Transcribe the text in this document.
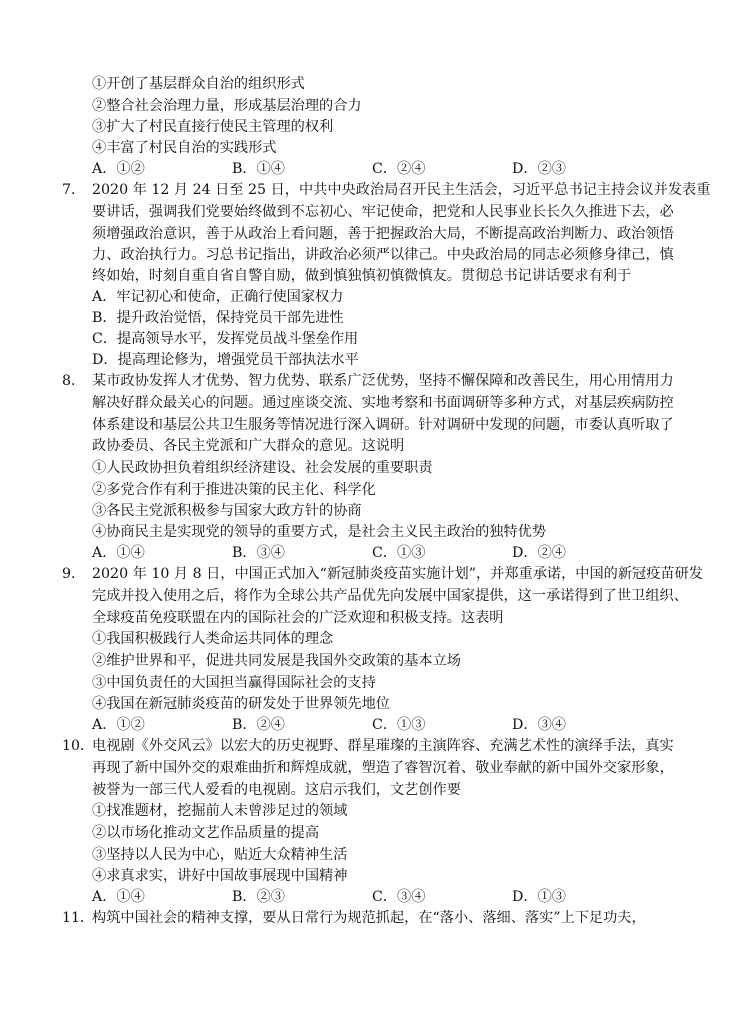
①开创了基层群众自治的组织形式
②整合社会治理力量，形成基层治理的合力
③扩大了村民直接行使民主管理的权利
④丰富了村民自治的实践形式
A．①②	B．①④	C．②④	D．②③
7． 2020 年 12 月 24 日至 25 日，中共中央政治局召开民主生活会，习近平总书记主持会议并发表重
要讲话，强调我们党要始终做到不忘初心、牢记使命，把党和人民事业长长久久推进下去，必
须增强政治意识，善于从政治上看问题，善于把握政治大局，不断提高政治判断力、政治领悟
力、政治执行力。习总书记指出，讲政治必须严以律己。中央政治局的同志必须修身律己，慎
终如始，时刻自重自省自警自励，做到慎独慎初慎微慎友。贯彻总书记讲话要求有利于
A．牢记初心和使命，正确行使国家权力
B．提升政治觉悟，保持党员干部先进性
C．提高领导水平，发挥党员战斗堡垒作用
D．提高理论修为，增强党员干部执法水平
8． 某市政协发挥人才优势、智力优势、联系广泛优势，坚持不懈保障和改善民生，用心用情用力
解决好群众最关心的问题。通过座谈交流、实地考察和书面调研等多种方式，对基层疾病防控
体系建设和基层公共卫生服务等情况进行深入调研。针对调研中发现的问题，市委认真听取了
政协委员、各民主党派和广大群众的意见。这说明
①人民政协担负着组织经济建设、社会发展的重要职责
②多党合作有利于推进决策的民主化、科学化
③各民主党派积极参与国家大政方针的协商
④协商民主是实现党的领导的重要方式，是社会主义民主政治的独特优势
A．①④	B．③④	C．①③	D．②④
9． 2020 年 10 月 8 日，中国正式加入“新冠肺炎疫苗实施计划”，并郑重承诺，中国的新冠疫苗研发
完成并投入使用之后，将作为全球公共产品优先向发展中国家提供，这一承诺得到了世卫组织、
全球疫苗免疫联盟在内的国际社会的广泛欢迎和积极支持。这表明
①我国积极践行人类命运共同体的理念
②维护世界和平，促进共同发展是我国外交政策的基本立场
③中国负责任的大国担当赢得国际社会的支持
④我国在新冠肺炎疫苗的研发处于世界领先地位
A．①②	B．②④	C．①③	D．③④
10．
电视剧《外交风云》以宏大的历史视野、群星璀璨的主演阵容、充满艺术性的演绎手法，真实
再现了新中国外交的艰难曲折和辉煌成就，塑造了睿智沉着、敬业奉献的新中国外交家形象，
被誉为一部三代人爱看的电视剧。这启示我们，文艺创作要
①找准题材，挖掘前人未曾涉足过的领域
②以市场化推动文艺作品质量的提高
③坚持以人民为中心，贴近大众精神生活
④求真求实，讲好中国故事展现中国精神
A．①④	B．②③	C．③④	D．①③
11．
构筑中国社会的精神支撑，要从日常行为规范抓起，在“落小、落细、落实”上下足功夫，
